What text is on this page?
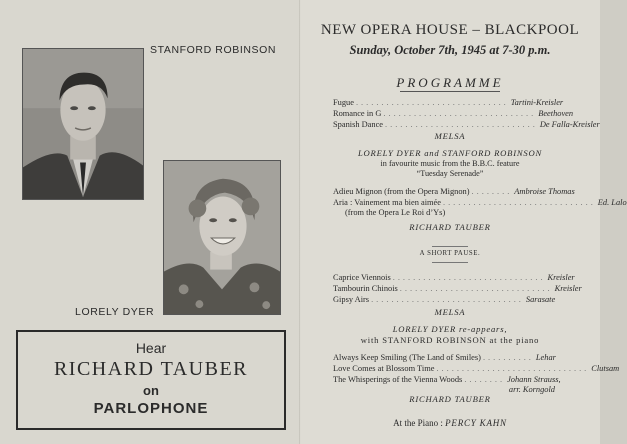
STANFORD ROBINSON
LORELY DYER
Hear
RICHARD TAUBER
on
PARLOPHONE
NEW OPERA HOUSE – BLACKPOOL
Sunday, October 7th, 1945 at 7-30 p.m.
PROGRAMME
Fugue .............................. Tartini-Kreisler
Romance in G .............................. Beethoven
Spanish Dance .............................. De Falla-Kreisler
MELSA
LORELY DYER and STANFORD ROBINSON
in favourite music from the B.B.C. feature
“Tuesday Serenade”
Adieu Mignon (from the Opera Mignon) ........ Ambroise Thomas
Aria : Vainement ma bien aimée .............................. Ed. Lalo
(from the Opera Le Roi d’Ys)
RICHARD TAUBER
A SHORT PAUSE.
Caprice Viennois .............................. Kreisler
Tambourin Chinois .............................. Kreisler
Gipsy Airs .............................. Sarasate
MELSA
LORELY DYER re-appears,
with STANFORD ROBINSON at the piano
Always Keep Smiling (The Land of Smiles) .......... Lehar
Love Comes at Blossom Time .............................. Clutsam
The Whisperings of the Vienna Woods ........ Johann Strauss,
arr. Korngold
RICHARD TAUBER
At the Piano : PERCY KAHN
